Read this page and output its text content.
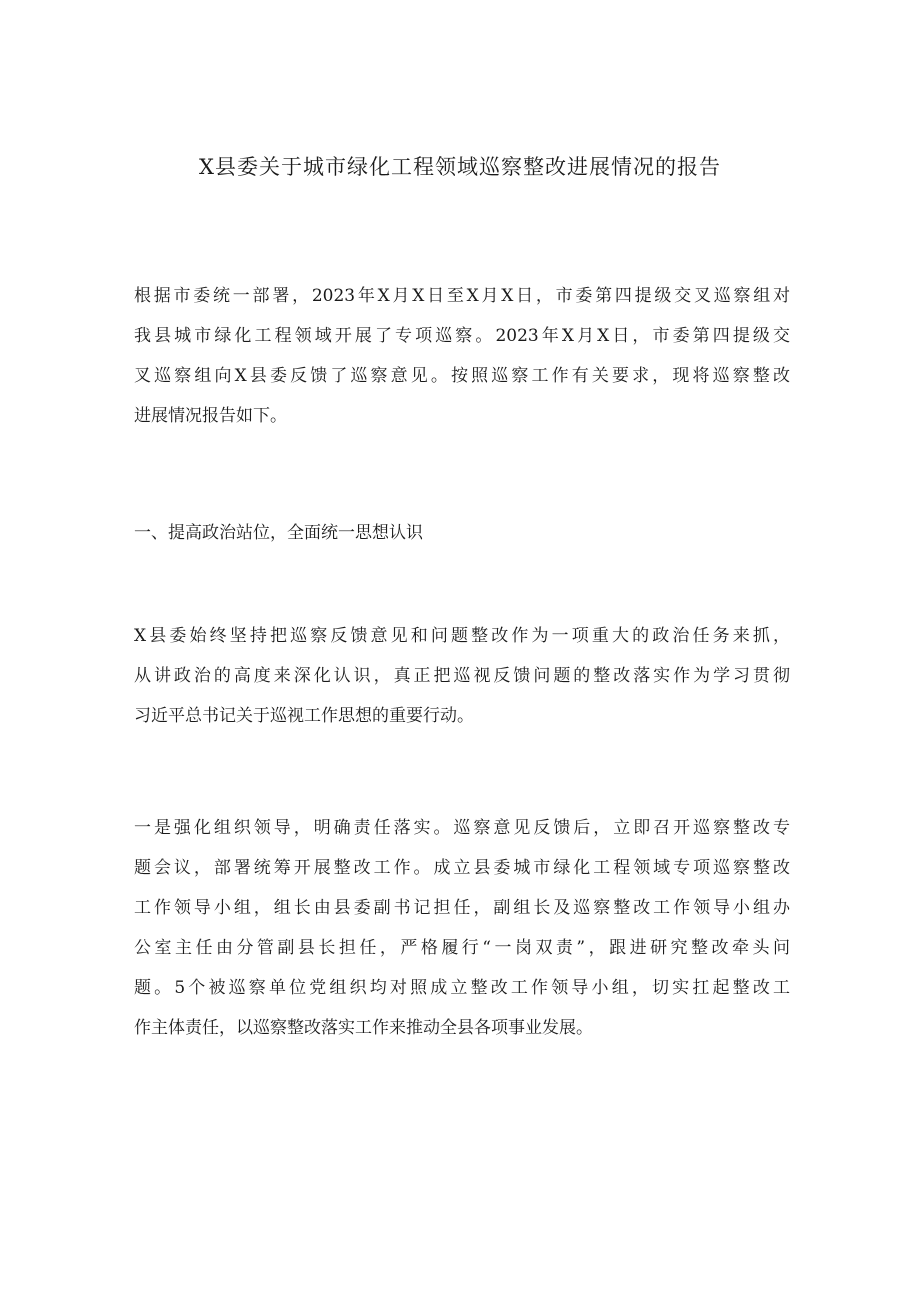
X县委关于城市绿化工程领域巡察整改进展情况的报告
根据市委统一部署，2023年X月X日至X月X日，市委第四提级交叉巡察组对
我县城市绿化工程领域开展了专项巡察。2023年X月X日，市委第四提级交
叉巡察组向X县委反馈了巡察意见。按照巡察工作有关要求，现将巡察整改
进展情况报告如下。
一、提高政治站位，全面统一思想认识
X县委始终坚持把巡察反馈意见和问题整改作为一项重大的政治任务来抓，
从讲政治的高度来深化认识，真正把巡视反馈问题的整改落实作为学习贯彻
习近平总书记关于巡视工作思想的重要行动。
一是强化组织领导，明确责任落实。巡察意见反馈后，立即召开巡察整改专
题会议，部署统筹开展整改工作。成立县委城市绿化工程领域专项巡察整改
工作领导小组，组长由县委副书记担任，副组长及巡察整改工作领导小组办
公室主任由分管副县长担任，严格履行“一岗双责”，跟进研究整改牵头问
题。5个被巡察单位党组织均对照成立整改工作领导小组，切实扛起整改工
作主体责任，以巡察整改落实工作来推动全县各项事业发展。
